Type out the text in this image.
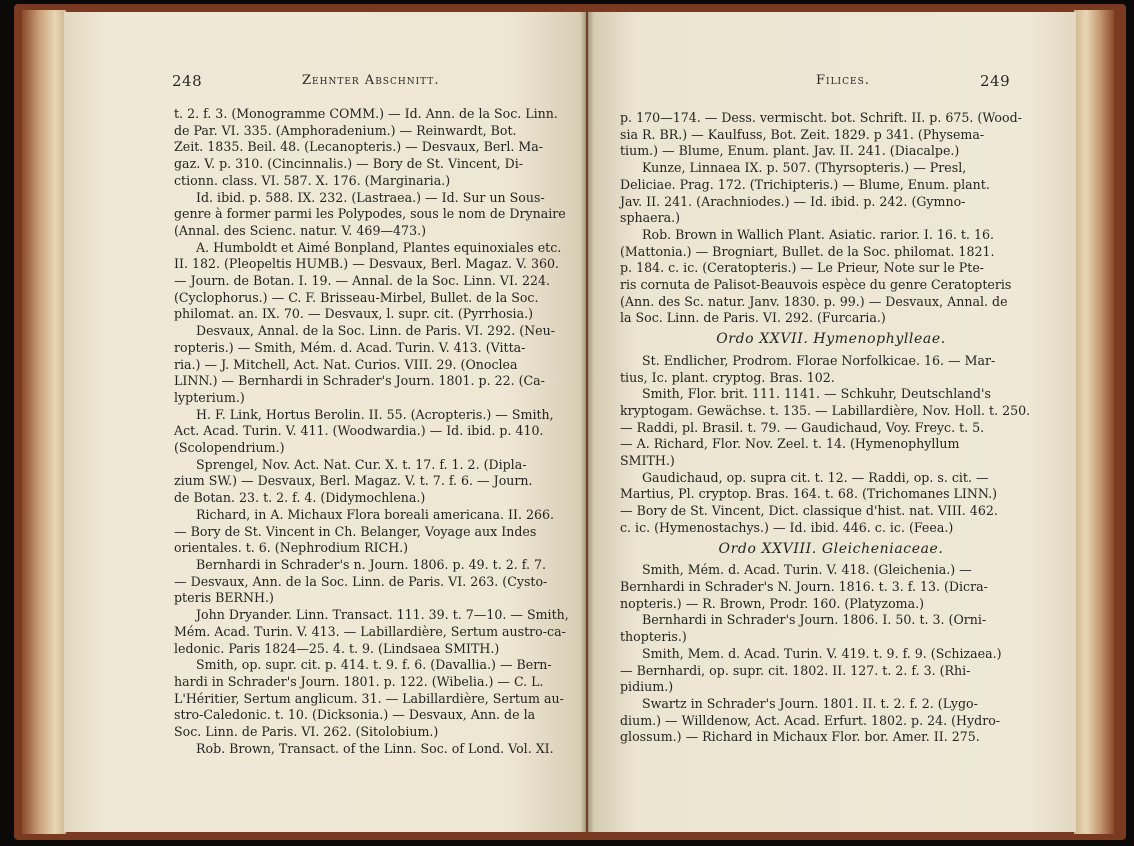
248	Zehnter Abschnitt.
t. 2. f. 3. (Monogramme COMM.) — Id. Ann. de la Soc. Linn.
de Par. VI. 335. (Amphoradenium.) — Reinwardt, Bot.
Zeit. 1835. Beil. 48. (Lecanopteris.) — Desvaux, Berl. Ma-
gaz. V. p. 310. (Cincinnalis.) — Bory de St. Vincent, Di-
ctionn. class. VI. 587. X. 176. (Marginaria.)
Id. ibid. p. 588. IX. 232. (Lastraea.) — Id. Sur un Sous-
genre à former parmi les Polypodes, sous le nom de Drynaire
(Annal. des Scienc. natur. V. 469—473.)
A. Humboldt et Aimé Bonpland, Plantes equinoxiales etc.
II. 182. (Pleopeltis HUMB.) — Desvaux, Berl. Magaz. V. 360.
— Journ. de Botan. I. 19. — Annal. de la Soc. Linn. VI. 224.
(Cyclophorus.) — C. F. Brisseau-Mirbel, Bullet. de la Soc.
philomat. an. IX. 70. — Desvaux, l. supr. cit. (Pyrrhosia.)
Desvaux, Annal. de la Soc. Linn. de Paris. VI. 292. (Neu-
ropteris.) — Smith, Mém. d. Acad. Turin. V. 413. (Vitta-
ria.) — J. Mitchell, Act. Nat. Curios. VIII. 29. (Onoclea
LINN.) — Bernhardi in Schrader's Journ. 1801. p. 22. (Ca-
lypterium.)
H. F. Link, Hortus Berolin. II. 55. (Acropteris.) — Smith,
Act. Acad. Turin. V. 411. (Woodwardia.) — Id. ibid. p. 410.
(Scolopendrium.)
Sprengel, Nov. Act. Nat. Cur. X. t. 17. f. 1. 2. (Dipla-
zium SW.) — Desvaux, Berl. Magaz. V. t. 7. f. 6. — Journ.
de Botan. 23. t. 2. f. 4. (Didymochlena.)
Richard, in A. Michaux Flora boreali americana. II. 266.
— Bory de St. Vincent in Ch. Belanger, Voyage aux Indes
orientales. t. 6. (Nephrodium RICH.)
Bernhardi in Schrader's n. Journ. 1806. p. 49. t. 2. f. 7.
— Desvaux, Ann. de la Soc. Linn. de Paris. VI. 263. (Cysto-
pteris BERNH.)
John Dryander. Linn. Transact. 111. 39. t. 7—10. — Smith,
Mém. Acad. Turin. V. 413. — Labillardière, Sertum austro-ca-
ledonic. Paris 1824—25. 4. t. 9. (Lindsaea SMITH.)
Smith, op. supr. cit. p. 414. t. 9. f. 6. (Davallia.) — Bern-
hardi in Schrader's Journ. 1801. p. 122. (Wibelia.) — C. L.
L'Héritier, Sertum anglicum. 31. — Labillardière, Sertum au-
stro-Caledonic. t. 10. (Dicksonia.) — Desvaux, Ann. de la
Soc. Linn. de Paris. VI. 262. (Sitolobium.)
Rob. Brown, Transact. of the Linn. Soc. of Lond. Vol. XI.
Filices.	249
p. 170—174. — Dess. vermischt. bot. Schrift. II. p. 675. (Wood-
sia R. BR.) — Kaulfuss, Bot. Zeit. 1829. p 341. (Physema-
tium.) — Blume, Enum. plant. Jav. II. 241. (Diacalpe.)
Kunze, Linnaea IX. p. 507. (Thyrsopteris.) — Presl,
Deliciae. Prag. 172. (Trichipteris.) — Blume, Enum. plant.
Jav. II. 241. (Arachniodes.) — Id. ibid. p. 242. (Gymno-
sphaera.)
Rob. Brown in Wallich Plant. Asiatic. rarior. I. 16. t. 16.
(Mattonia.) — Brogniart, Bullet. de la Soc. philomat. 1821.
p. 184. c. ic. (Ceratopteris.) — Le Prieur, Note sur le Pte-
ris cornuta de Palisot-Beauvois espèce du genre Ceratopteris
(Ann. des Sc. natur. Janv. 1830. p. 99.) — Desvaux, Annal. de
la Soc. Linn. de Paris. VI. 292. (Furcaria.)
Ordo XXVII. Hymenophylleae.
St. Endlicher, Prodrom. Florae Norfolkicae. 16. — Mar-
tius, Ic. plant. cryptog. Bras. 102.
Smith, Flor. brit. 111. 1141. — Schkuhr, Deutschland's
kryptogam. Gewächse. t. 135. — Labillardière, Nov. Holl. t. 250.
— Raddi, pl. Brasil. t. 79. — Gaudichaud, Voy. Freyc. t. 5.
— A. Richard, Flor. Nov. Zeel. t. 14. (Hymenophyllum
SMITH.)
Gaudichaud, op. supra cit. t. 12. — Raddi, op. s. cit. —
Martius, Pl. cryptop. Bras. 164. t. 68. (Trichomanes LINN.)
— Bory de St. Vincent, Dict. classique d'hist. nat. VIII. 462.
c. ic. (Hymenostachys.) — Id. ibid. 446. c. ic. (Feea.)
Ordo XXVIII. Gleicheniaceae.
Smith, Mém. d. Acad. Turin. V. 418. (Gleichenia.) —
Bernhardi in Schrader's N. Journ. 1816. t. 3. f. 13. (Dicra-
nopteris.) — R. Brown, Prodr. 160. (Platyzoma.)
Bernhardi in Schrader's Journ. 1806. I. 50. t. 3. (Orni-
thopteris.)
Smith, Mem. d. Acad. Turin. V. 419. t. 9. f. 9. (Schizaea.)
— Bernhardi, op. supr. cit. 1802. II. 127. t. 2. f. 3. (Rhi-
pidium.)
Swartz in Schrader's Journ. 1801. II. t. 2. f. 2. (Lygo-
dium.) — Willdenow, Act. Acad. Erfurt. 1802. p. 24. (Hydro-
glossum.) — Richard in Michaux Flor. bor. Amer. II. 275.
